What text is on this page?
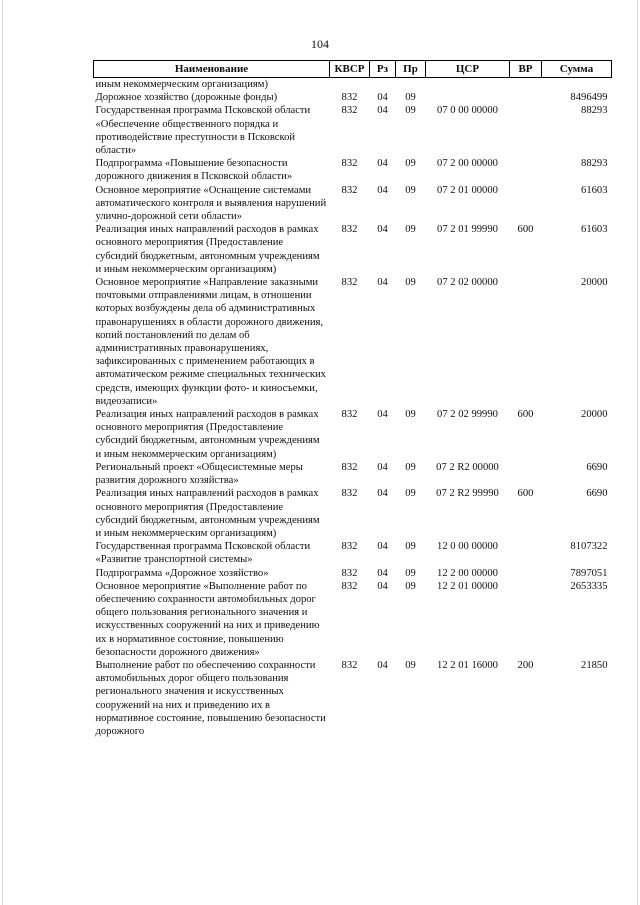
104
Наименование	КВСР	Рз	Пр	ЦСР	ВР	Сумма
иным некоммерческим организациям)						
Дорожное хозяйство (дорожные фонды)	832	04	09			8496499
Государственная программа Псковской области «Обеспечение общественного порядка и противодействие преступности в Псковской области»	832	04	09	07 0 00 00000		88293
Подпрограмма «Повышение безопасности дорожного движения в Псковской области»	832	04	09	07 2 00 00000		88293
Основное мероприятие «Оснащение системами автоматического контроля и выявления нарушений улично-дорожной сети области»	832	04	09	07 2 01 00000		61603
Реализация иных направлений расходов в рамках основного мероприятия (Предоставление субсидий бюджетным, автономным учреждениям и иным некоммерческим организациям)	832	04	09	07 2 01 99990	600	61603
Основное мероприятие «Направление заказными почтовыми отправлениями лицам, в отношении которых возбуждены дела об административных правонарушениях в области дорожного движения, копий постановлений по делам об административных правонарушениях, зафиксированных с применением работающих в автоматическом режиме специальных технических средств, имеющих функции фото- и киносъемки, видеозаписи»	832	04	09	07 2 02 00000		20000
Реализация иных направлений расходов в рамках основного мероприятия (Предоставление субсидий бюджетным, автономным учреждениям и иным некоммерческим организациям)	832	04	09	07 2 02 99990	600	20000
Региональный проект «Общесистемные меры развития дорожного хозяйства»	832	04	09	07 2 R2 00000		6690
Реализация иных направлений расходов в рамках основного мероприятия (Предоставление субсидий бюджетным, автономным учреждениям и иным некоммерческим организациям)	832	04	09	07 2 R2 99990	600	6690
Государственная программа Псковской области «Развитие транспортной системы»	832	04	09	12 0 00 00000		8107322
Подпрограмма «Дорожное хозяйство»	832	04	09	12 2 00 00000		7897051
Основное мероприятие «Выполнение работ по обеспечению сохранности автомобильных дорог общего пользования регионального значения и искусственных сооружений на них и приведению их в нормативное состояние, повышению безопасности дорожного движения»	832	04	09	12 2 01 00000		2653335
Выполнение работ по обеспечению сохранности автомобильных дорог общего пользования регионального значения и искусственных сооружений на них и приведению их в нормативное состояние, повышению безопасности дорожного	832	04	09	12 2 01 16000	200	21850
